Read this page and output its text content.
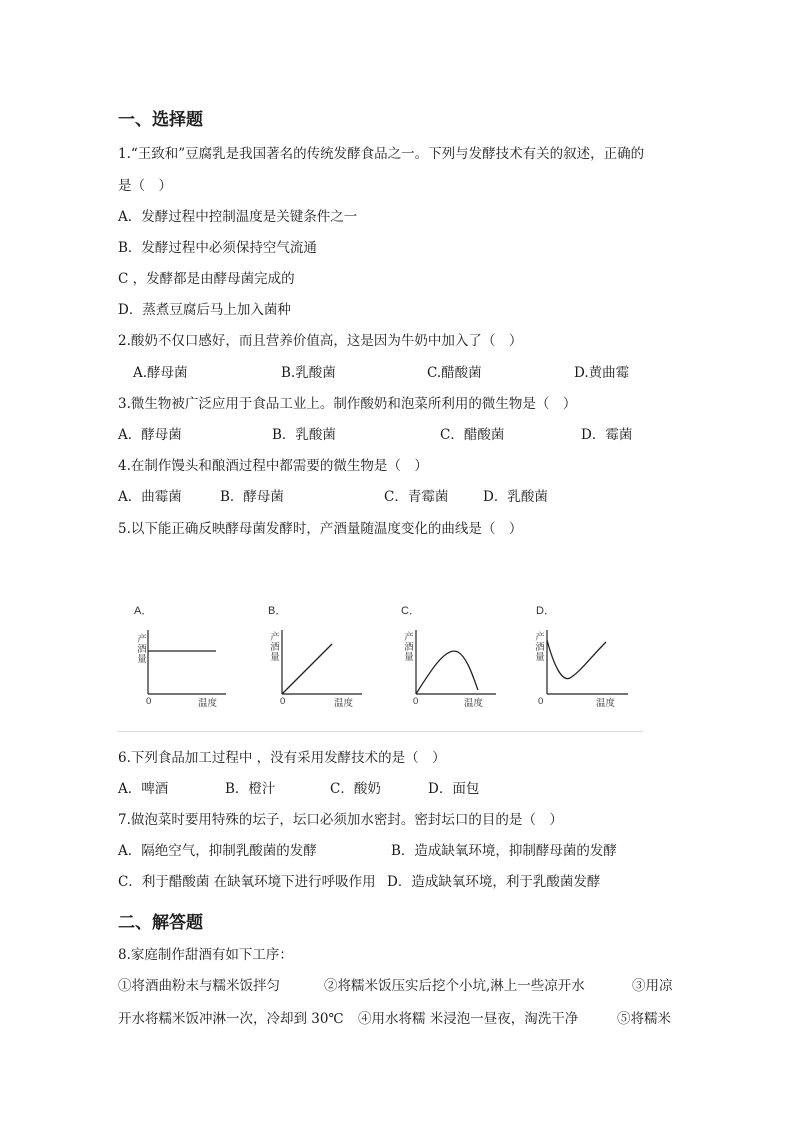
一、选择题
1.“王致和”豆腐乳是我国著名的传统发酵食品之一。下列与发酵技术有关的叙述，正确的
是（　）
A．发酵过程中控制温度是关键条件之一
B．发酵过程中必须保持空气流通
C ，发酵都是由酵母菌完成的
D．蒸煮豆腐后马上加入菌种
2.酸奶不仅口感好，而且营养价值高，这是因为牛奶中加入了（　）
A.酵母菌	B.乳酸菌	C.醋酸菌	D.黄曲霉
3.微生物被广泛应用于食品工业上。制作酸奶和泡菜所利用的微生物是（　）
A．酵母菌	B．乳酸菌	C．醋酸菌	D．霉菌
4.在制作馒头和酿酒过程中都需要的微生物是（　）
A．曲霉菌	B．酵母菌	C．青霉菌	D．乳酸菌
5.以下能正确反映酵母菌发酵时，产酒量随温度变化的曲线是（　）
A．
0	温度
产酒量
B．
0	温度
产酒量
C．
0	温度
产酒量
D．
0	温度
产酒量
6.下列食品加工过程中 ，没有采用发酵技术的是（　）
A．啤酒	B．橙汁	C．酸奶	D．面包
7.做泡菜时要用特殊的坛子，坛口必须加水密封。密封坛口的目的是（　）
A．隔绝空气，抑制乳酸菌的发酵	B．造成缺氧环境，抑制酵母菌的发酵
C．利于醋酸菌 在缺氧环境下进行呼吸作用 D．造成缺氧环境，利于乳酸菌发酵
二、解答题
8.家庭制作甜酒有如下工序：
①将酒曲粉末与糯米饭拌匀	②将糯米饭压实后挖个小坑,淋上一些凉开水	③用凉
开水将糯米饭冲淋一次，冷却到 30℃ ④用水将糯 米浸泡一昼夜，淘洗干净	⑤将糯米
